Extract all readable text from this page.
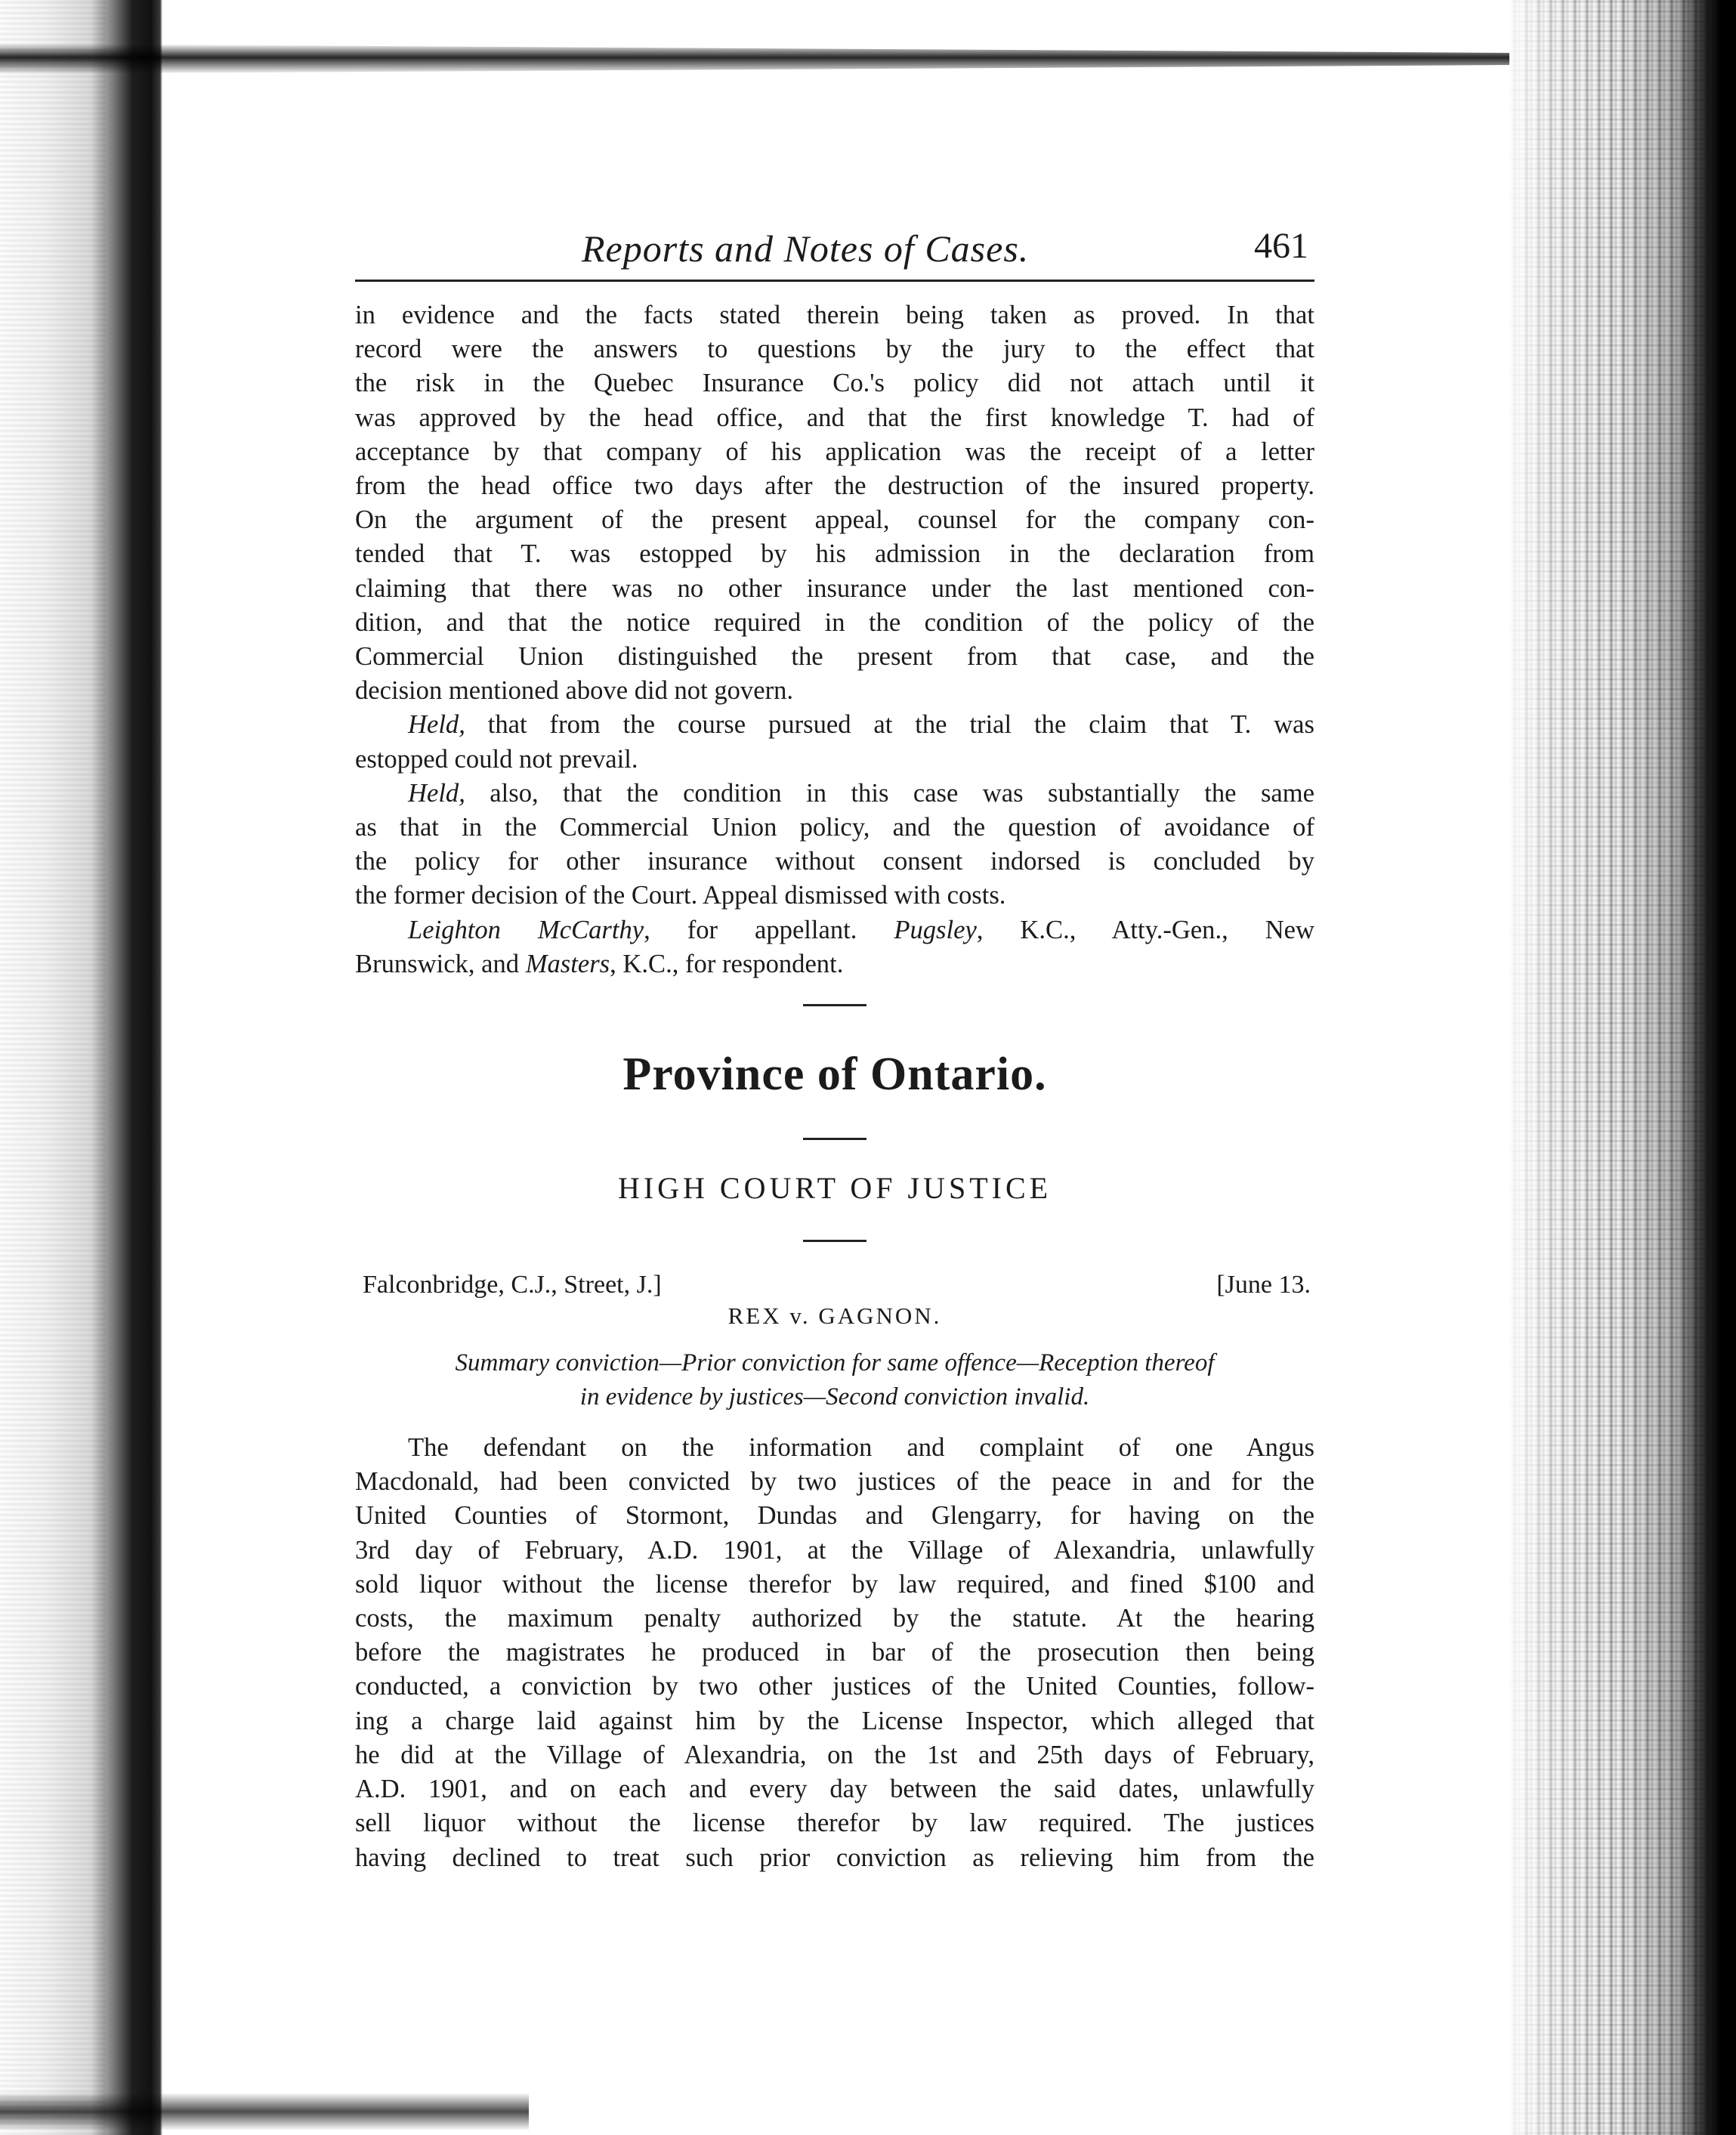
Reports and Notes of Cases.	461
in evidence and the facts stated therein being taken as proved. In that
record were the answers to questions by the jury to the effect that
the risk in the Quebec Insurance Co.'s policy did not attach until it
was approved by the head office, and that the first knowledge T. had of
acceptance by that company of his application was the receipt of a letter
from the head office two days after the destruction of the insured property.
On the argument of the present appeal, counsel for the company con-
tended that T. was estopped by his admission in the declaration from
claiming that there was no other insurance under the last mentioned con-
dition, and that the notice required in the condition of the policy of the
Commercial Union distinguished the present from that case, and the
decision mentioned above did not govern.
Held, that from the course pursued at the trial the claim that T. was
estopped could not prevail.
Held, also, that the condition in this case was substantially the same
as that in the Commercial Union policy, and the question of avoidance of
the policy for other insurance without consent indorsed is concluded by
the former decision of the Court. Appeal dismissed with costs.
Leighton McCarthy, for appellant. Pugsley, K.C., Atty.-Gen., New
Brunswick, and Masters, K.C., for respondent.
Province of Ontario.
HIGH COURT OF JUSTICE
Falconbridge, C.J., Street, J.]	[June 13.
REX v. GAGNON.
Summary conviction—Prior conviction for same offence—Reception thereof
in evidence by justices—Second conviction invalid.
The defendant on the information and complaint of one Angus
Macdonald, had been convicted by two justices of the peace in and for the
United Counties of Stormont, Dundas and Glengarry, for having on the
3rd day of February, A.D. 1901, at the Village of Alexandria, unlawfully
sold liquor without the license therefor by law required, and fined $100 and
costs, the maximum penalty authorized by the statute. At the hearing
before the magistrates he produced in bar of the prosecution then being
conducted, a conviction by two other justices of the United Counties, follow-
ing a charge laid against him by the License Inspector, which alleged that
he did at the Village of Alexandria, on the 1st and 25th days of February,
A.D. 1901, and on each and every day between the said dates, unlawfully
sell liquor without the license therefor by law required. The justices
having declined to treat such prior conviction as relieving him from the
